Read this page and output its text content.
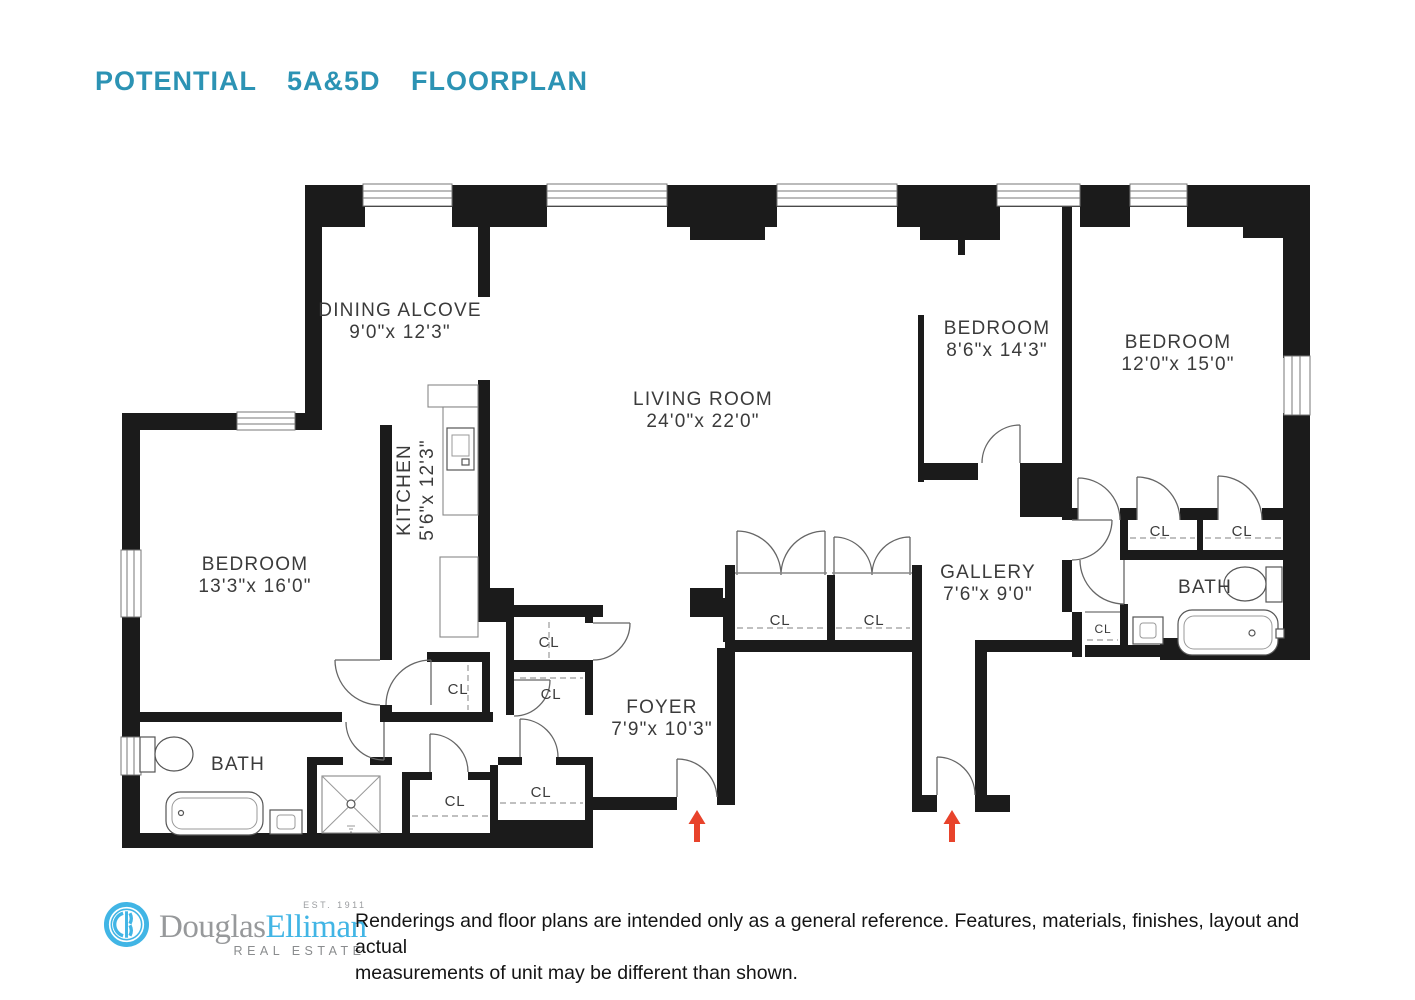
POTENTIAL 5A&5D FLOORPLAN
DINING ALCOVE
9'0"x 12'3"
LIVING ROOM
24'0"x 22'0"
BEDROOM
8'6"x 14'3"	BEDROOM
12'0"x 15'0"
BEDROOM
13'3"x 16'0"
KITCHEN 5'6"x 12'3"
GALLERY
7'6"x 9'0"
FOYER
7'9"x 10'3"
BATH
BATH
CL
CL	CL
CL
CL
CL	CL
CL	CL
CL
DouglasElliman
EST. 1911
REAL ESTATE
Renderings and floor plans are intended only as a general reference. Features, materials, finishes, layout and actual
measurements of unit may be different than shown.
